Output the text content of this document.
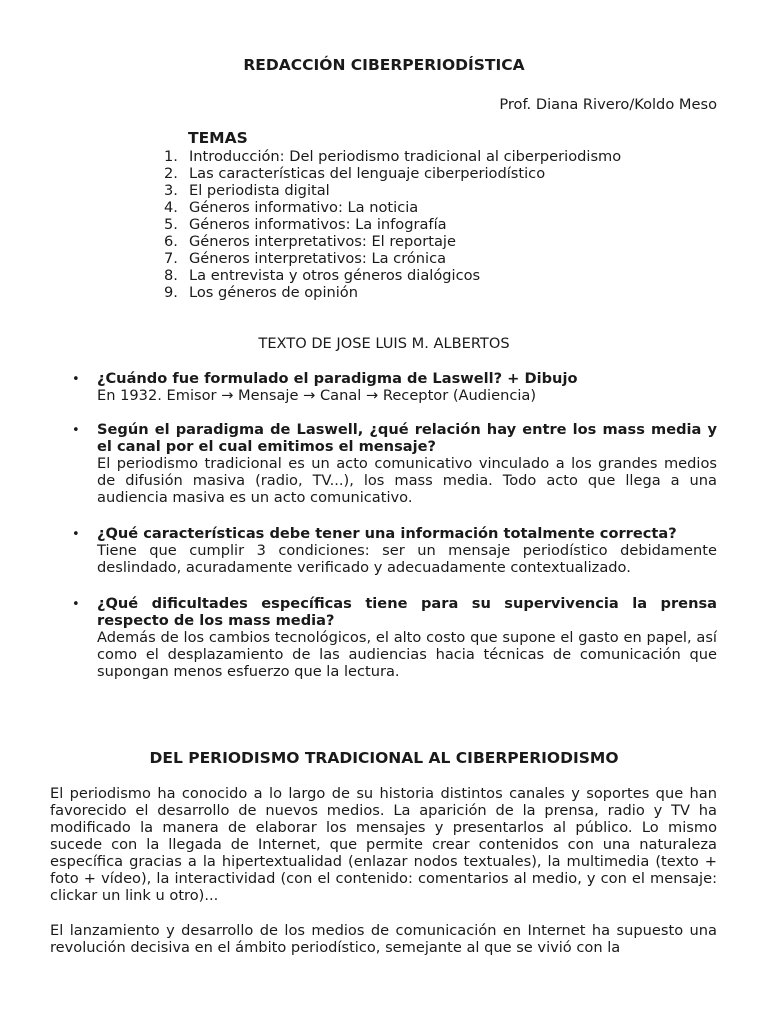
REDACCIÓN CIBERPERIODÍSTICA
Prof. Diana Rivero/Koldo Meso
TEMAS
1. Introducción: Del periodismo tradicional al ciberperiodismo
2. Las características del lenguaje ciberperiodístico
3. El periodista digital
4. Géneros informativo: La noticia
5. Géneros informativos: La infografía
6. Géneros interpretativos: El reportaje
7. Géneros interpretativos: La crónica
8. La entrevista y otros géneros dialógicos
9. Los géneros de opinión
TEXTO DE JOSE LUIS M. ALBERTOS
• ¿Cuándo fue formulado el paradigma de Laswell? + Dibujo
En 1932. Emisor → Mensaje → Canal → Receptor (Audiencia)
• Según el paradigma de Laswell, ¿qué relación hay entre los mass media y el canal por el cual emitimos el mensaje?
El periodismo tradicional es un acto comunicativo vinculado a los grandes medios de difusión masiva (radio, TV...), los mass media. Todo acto que llega a una audiencia masiva es un acto comunicativo.
• ¿Qué características debe tener una información totalmente correcta?
Tiene que cumplir 3 condiciones: ser un mensaje periodístico debidamente deslindado, acuradamente verificado y adecuadamente contextualizado.
• ¿Qué dificultades específicas tiene para su supervivencia la prensa respecto de los mass media?
Además de los cambios tecnológicos, el alto costo que supone el gasto en papel, así como el desplazamiento de las audiencias hacia técnicas de comunicación que supongan menos esfuerzo que la lectura.
DEL PERIODISMO TRADICIONAL AL CIBERPERIODISMO
El periodismo ha conocido a lo largo de su historia distintos canales y soportes que han favorecido el desarrollo de nuevos medios. La aparición de la prensa, radio y TV ha modificado la manera de elaborar los mensajes y presentarlos al público. Lo mismo sucede con la llegada de Internet, que permite crear contenidos con una naturaleza específica gracias a la hipertextualidad (enlazar nodos textuales), la multimedia (texto + foto + vídeo), la interactividad (con el contenido: comentarios al medio, y con el mensaje: clickar un link u otro)...
El lanzamiento y desarrollo de los medios de comunicación en Internet ha supuesto una revolución decisiva en el ámbito periodístico, semejante al que se vivió con la
